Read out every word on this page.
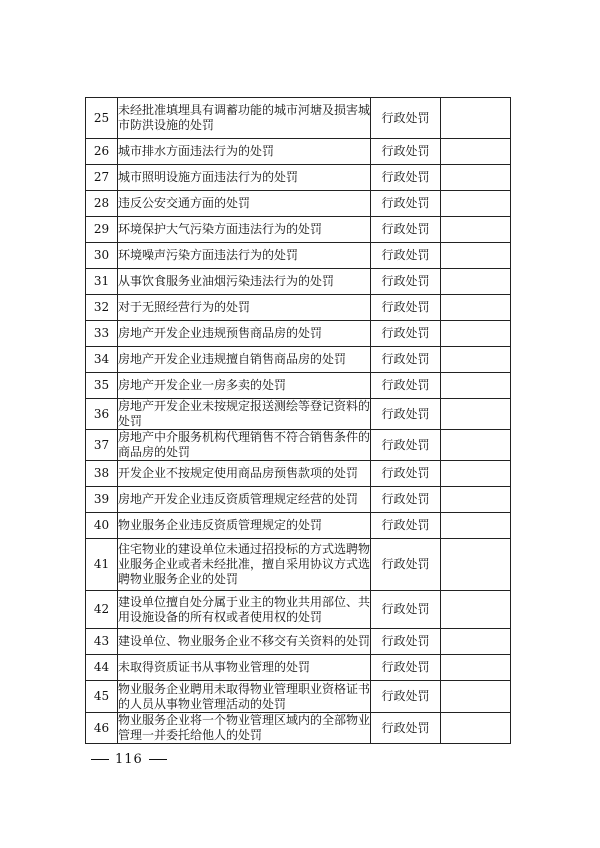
25	未经批准填埋具有调蓄功能的城市河塘及损害城市防洪设施的处罚	行政处罚	
26	城市排水方面违法行为的处罚	行政处罚	
27	城市照明设施方面违法行为的处罚	行政处罚	
28	违反公安交通方面的处罚	行政处罚	
29	环境保护大气污染方面违法行为的处罚	行政处罚	
30	环境噪声污染方面违法行为的处罚	行政处罚	
31	从事饮食服务业油烟污染违法行为的处罚	行政处罚	
32	对于无照经营行为的处罚	行政处罚	
33	房地产开发企业违规预售商品房的处罚	行政处罚	
34	房地产开发企业违规擅自销售商品房的处罚	行政处罚	
35	房地产开发企业一房多卖的处罚	行政处罚	
36	房地产开发企业未按规定报送测绘等登记资料的处罚	行政处罚	
37	房地产中介服务机构代理销售不符合销售条件的商品房的处罚	行政处罚	
38	开发企业不按规定使用商品房预售款项的处罚	行政处罚	
39	房地产开发企业违反资质管理规定经营的处罚	行政处罚	
40	物业服务企业违反资质管理规定的处罚	行政处罚	
41	住宅物业的建设单位未通过招投标的方式选聘物业服务企业或者未经批准，擅自采用协议方式选聘物业服务企业的处罚	行政处罚	
42	建设单位擅自处分属于业主的物业共用部位、共用设施设备的所有权或者使用权的处罚	行政处罚	
43	建设单位、物业服务企业不移交有关资料的处罚	行政处罚	
44	未取得资质证书从事物业管理的处罚	行政处罚	
45	物业服务企业聘用未取得物业管理职业资格证书的人员从事物业管理活动的处罚	行政处罚	
46	物业服务企业将一个物业管理区域内的全部物业管理一并委托给他人的处罚	行政处罚	
116
